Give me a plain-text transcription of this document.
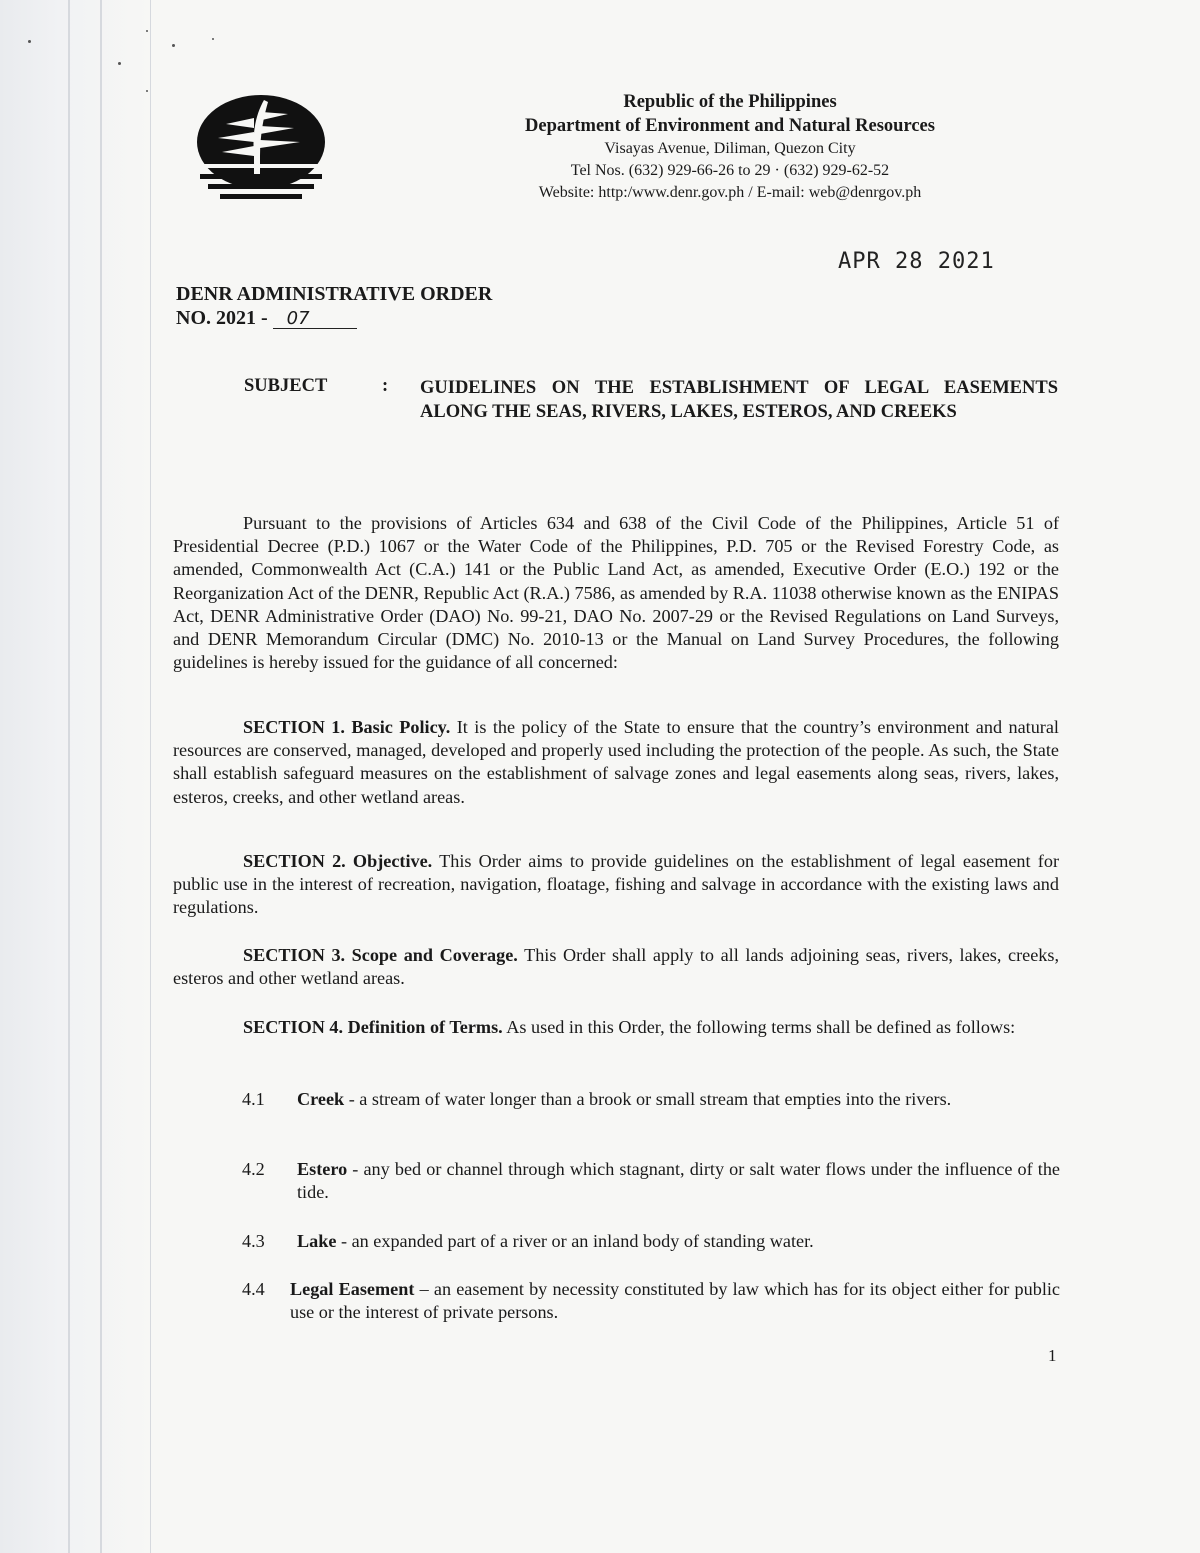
Republic of the Philippines
Department of Environment and Natural Resources
Visayas Avenue, Diliman, Quezon City
Tel Nos. (632) 929-66-26 to 29 · (632) 929-62-52
Website: http:/www.denr.gov.ph / E-mail: web@denrgov.ph
APR 28 2021
DENR ADMINISTRATIVE ORDER
NO. 2021 - 07
SUBJECT	: GUIDELINES ON THE ESTABLISHMENT OF LEGAL EASEMENTS ALONG THE SEAS, RIVERS, LAKES, ESTEROS, AND CREEKS
Pursuant to the provisions of Articles 634 and 638 of the Civil Code of the Philippines, Article 51 of Presidential Decree (P.D.) 1067 or the Water Code of the Philippines, P.D. 705 or the Revised Forestry Code, as amended, Commonwealth Act (C.A.) 141 or the Public Land Act, as amended, Executive Order (E.O.) 192 or the Reorganization Act of the DENR, Republic Act (R.A.) 7586, as amended by R.A. 11038 otherwise known as the ENIPAS Act, DENR Administrative Order (DAO) No. 99-21, DAO No. 2007-29 or the Revised Regulations on Land Surveys, and DENR Memorandum Circular (DMC) No. 2010-13 or the Manual on Land Survey Procedures, the following guidelines is hereby issued for the guidance of all concerned:
SECTION 1. Basic Policy. It is the policy of the State to ensure that the country’s environment and natural resources are conserved, managed, developed and properly used including the protection of the people. As such, the State shall establish safeguard measures on the establishment of salvage zones and legal easements along seas, rivers, lakes, esteros, creeks, and other wetland areas.
SECTION 2. Objective. This Order aims to provide guidelines on the establishment of legal easement for public use in the interest of recreation, navigation, floatage, fishing and salvage in accordance with the existing laws and regulations.
SECTION 3. Scope and Coverage. This Order shall apply to all lands adjoining seas, rivers, lakes, creeks, esteros and other wetland areas.
SECTION 4. Definition of Terms. As used in this Order, the following terms shall be defined as follows:
4.1 Creek - a stream of water longer than a brook or small stream that empties into the rivers.
4.2 Estero - any bed or channel through which stagnant, dirty or salt water flows under the influence of the tide.
4.3 Lake - an expanded part of a river or an inland body of standing water.
4.4 Legal Easement – an easement by necessity constituted by law which has for its object either for public use or the interest of private persons.
1
